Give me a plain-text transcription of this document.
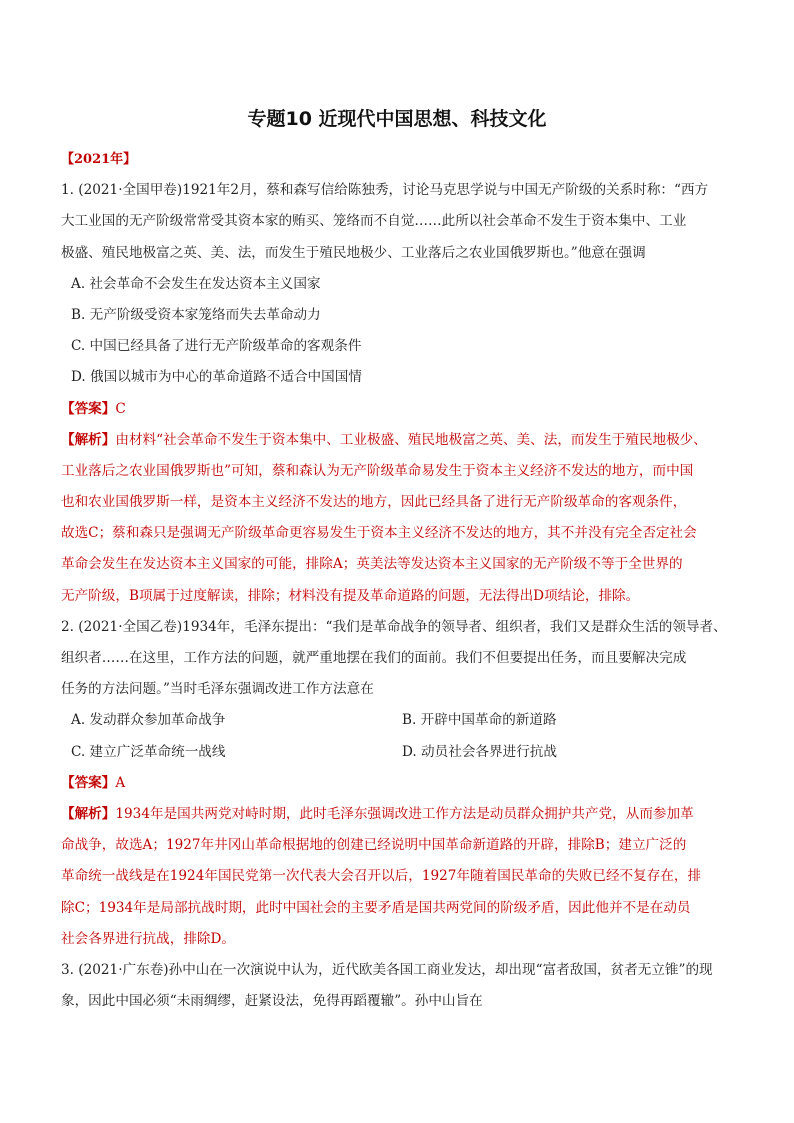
专题10 近现代中国思想、科技文化
【2021年】
1. (2021·全国甲卷)1921年2月，蔡和森写信给陈独秀，讨论马克思学说与中国无产阶级的关系时称：“西方
大工业国的无产阶级常常受其资本家的贿买、笼络而不自觉……此所以社会革命不发生于资本集中、工业
极盛、殖民地极富之英、美、法，而发生于殖民地极少、工业落后之农业国俄罗斯也。”他意在强调
A. 社会革命不会发生在发达资本主义国家
B. 无产阶级受资本家笼络而失去革命动力
C. 中国已经具备了进行无产阶级革命的客观条件
D. 俄国以城市为中心的革命道路不适合中国国情
【答案】C
【解析】由材料“社会革命不发生于资本集中、工业极盛、殖民地极富之英、美、法，而发生于殖民地极少、
工业落后之农业国俄罗斯也”可知，蔡和森认为无产阶级革命易发生于资本主义经济不发达的地方，而中国
也和农业国俄罗斯一样，是资本主义经济不发达的地方，因此已经具备了进行无产阶级革命的客观条件，
故选C；蔡和森只是强调无产阶级革命更容易发生于资本主义经济不发达的地方，其不并没有完全否定社会
革命会发生在发达资本主义国家的可能，排除A；英美法等发达资本主义国家的无产阶级不等于全世界的
无产阶级，B项属于过度解读，排除；材料没有提及革命道路的问题，无法得出D项结论，排除。
2. (2021·全国乙卷)1934年，毛泽东提出：“我们是革命战争的领导者、组织者，我们又是群众生活的领导者、
组织者……在这里，工作方法的问题，就严重地摆在我们的面前。我们不但要提出任务，而且要解决完成
任务的方法问题。”当时毛泽东强调改进工作方法意在
A. 发动群众参加革命战争	B. 开辟中国革命的新道路
C. 建立广泛革命统一战线	D. 动员社会各界进行抗战
【答案】A
【解析】1934年是国共两党对峙时期，此时毛泽东强调改进工作方法是动员群众拥护共产党，从而参加革
命战争，故选A；1927年井冈山革命根据地的创建已经说明中国革命新道路的开辟，排除B；建立广泛的
革命统一战线是在1924年国民党第一次代表大会召开以后，1927年随着国民革命的失败已经不复存在，排
除C；1934年是局部抗战时期，此时中国社会的主要矛盾是国共两党间的阶级矛盾，因此他并不是在动员
社会各界进行抗战，排除D。
3. (2021·广东卷)孙中山在一次演说中认为，近代欧美各国工商业发达，却出现“富者敌国，贫者无立锥”的现
象，因此中国必须“未雨绸缪，赶紧设法，免得再蹈覆辙”。孙中山旨在
